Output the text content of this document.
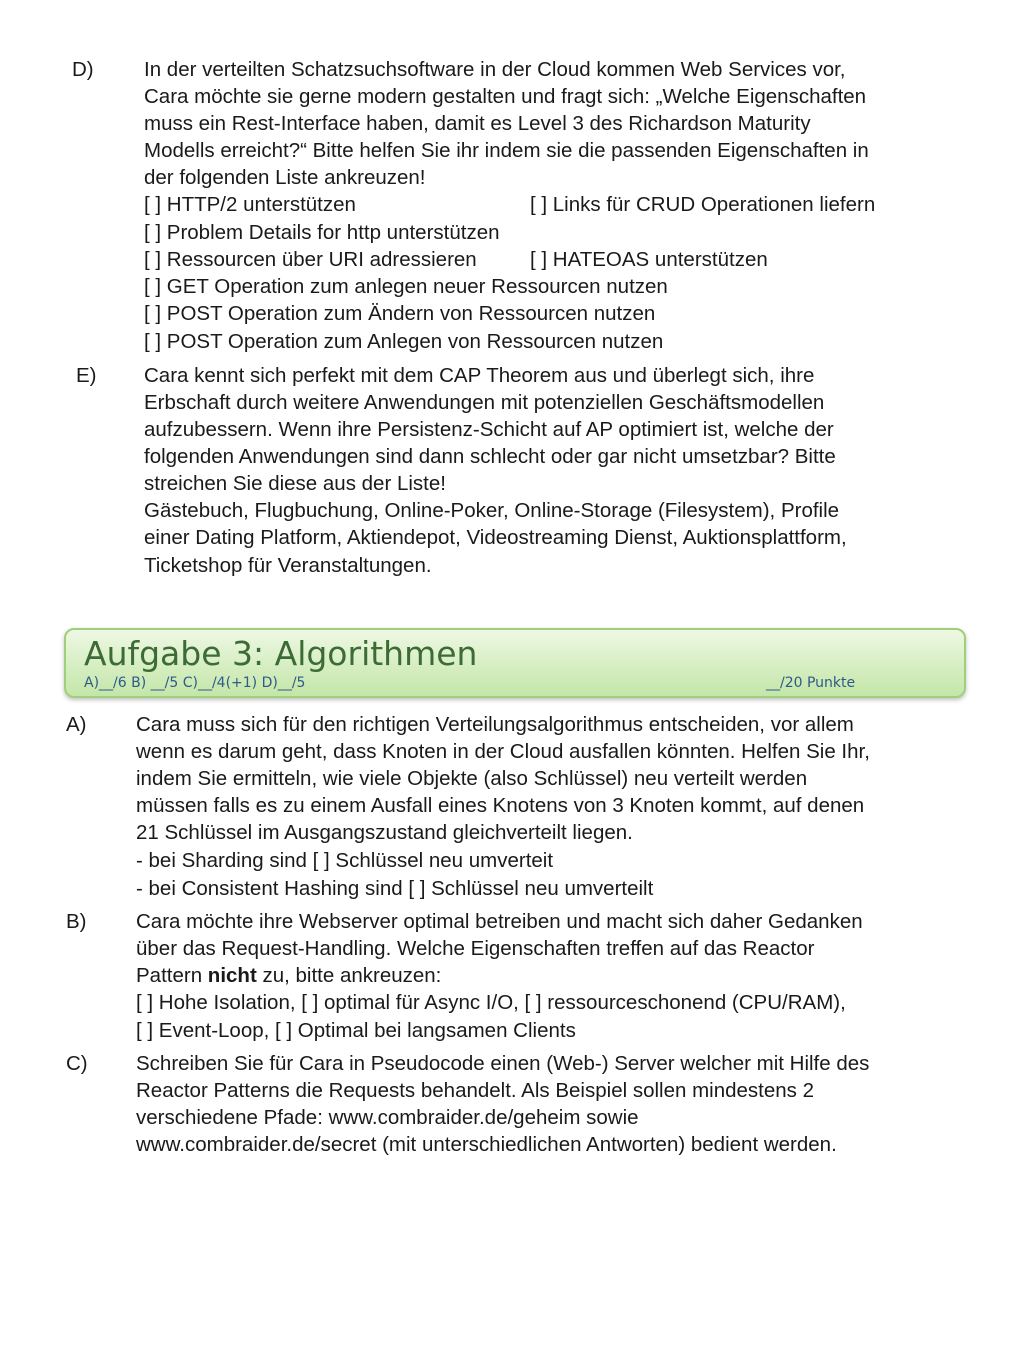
D) In der verteilten Schatzsuchsoftware in der Cloud kommen Web Services vor,
Cara möchte sie gerne modern gestalten und fragt sich: „Welche Eigenschaften
muss ein Rest-Interface haben, damit es Level 3 des Richardson Maturity
Modells erreicht?“ Bitte helfen Sie ihr indem sie die passenden Eigenschaften in
der folgenden Liste ankreuzen!
[ ] HTTP/2 unterstützen	[ ] Links für CRUD Operationen liefern
[ ] Problem Details for http unterstützen
[ ] Ressourcen über URI adressieren	[ ] HATEOAS unterstützen
[ ] GET Operation zum anlegen neuer Ressourcen nutzen
[ ] POST Operation zum Ändern von Ressourcen nutzen
[ ] POST Operation zum Anlegen von Ressourcen nutzen
E) Cara kennt sich perfekt mit dem CAP Theorem aus und überlegt sich, ihre
Erbschaft durch weitere Anwendungen mit potenziellen Geschäftsmodellen
aufzubessern. Wenn ihre Persistenz-Schicht auf AP optimiert ist, welche der
folgenden Anwendungen sind dann schlecht oder gar nicht umsetzbar? Bitte
streichen Sie diese aus der Liste!
Gästebuch, Flugbuchung, Online-Poker, Online-Storage (Filesystem), Profile
einer Dating Platform, Aktiendepot, Videostreaming Dienst, Auktionsplattform,
Ticketshop für Veranstaltungen.
Aufgabe 3: Algorithmen
A)__/6 B) __/5 C)__/4(+1) D)__/5	__/20 Punkte
A) Cara muss sich für den richtigen Verteilungsalgorithmus entscheiden, vor allem
wenn es darum geht, dass Knoten in der Cloud ausfallen könnten. Helfen Sie Ihr,
indem Sie ermitteln, wie viele Objekte (also Schlüssel) neu verteilt werden
müssen falls es zu einem Ausfall eines Knotens von 3 Knoten kommt, auf denen
21 Schlüssel im Ausgangszustand gleichverteilt liegen.
- bei Sharding sind [ ] Schlüssel neu umverteit
- bei Consistent Hashing sind [ ] Schlüssel neu umverteilt
B) Cara möchte ihre Webserver optimal betreiben und macht sich daher Gedanken
über das Request-Handling. Welche Eigenschaften treffen auf das Reactor
Pattern nicht zu, bitte ankreuzen:
[ ] Hohe Isolation, [ ] optimal für Async I/O, [ ] ressourceschonend (CPU/RAM),
[ ] Event-Loop, [ ] Optimal bei langsamen Clients
C) Schreiben Sie für Cara in Pseudocode einen (Web-) Server welcher mit Hilfe des
Reactor Patterns die Requests behandelt. Als Beispiel sollen mindestens 2
verschiedene Pfade: www.combraider.de/geheim sowie
www.combraider.de/secret (mit unterschiedlichen Antworten) bedient werden.
